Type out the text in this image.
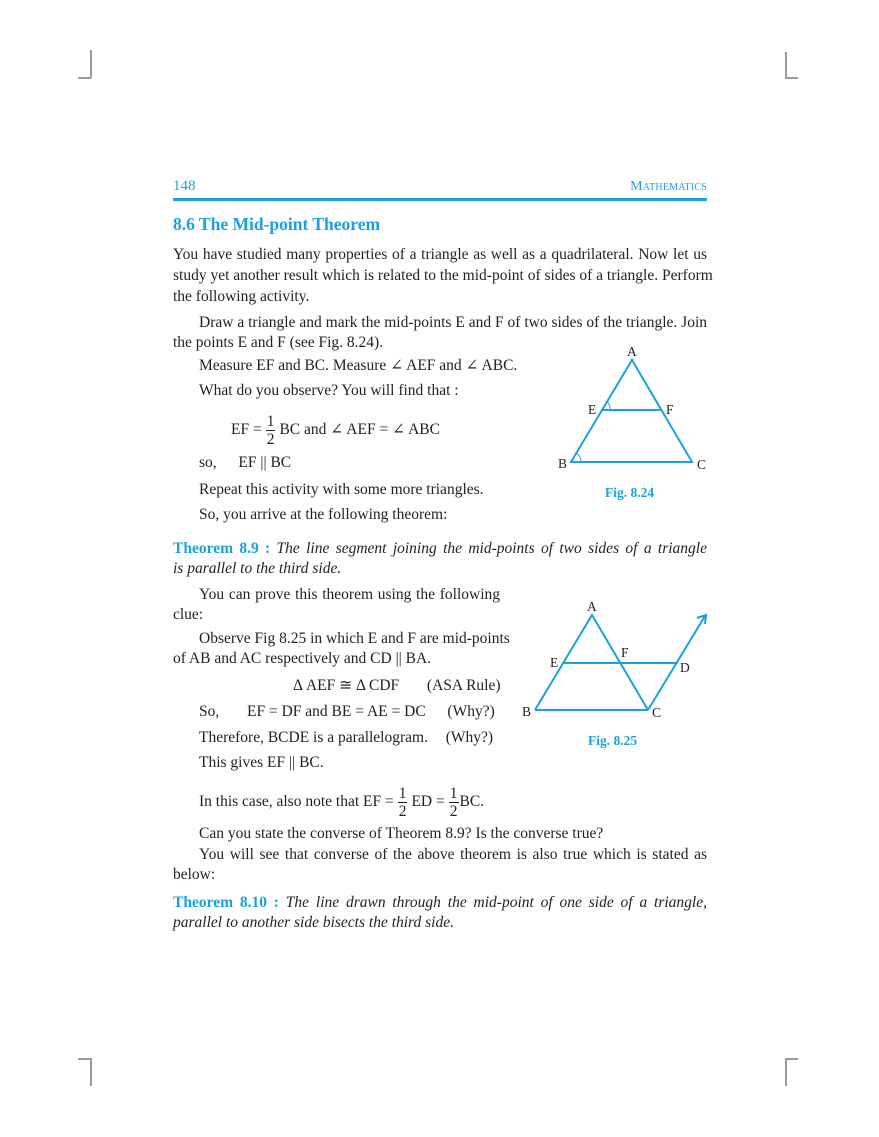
148	Mathematics
8.6 The Mid-point Theorem
You have studied many properties of a triangle as well as a quadrilateral. Now let us
study yet another result which is related to the mid-point of sides of a triangle. Perform
the following activity.
Draw a triangle and mark the mid-points E and F of two sides of the triangle. Join
the points E and F (see Fig. 8.24).
Measure EF and BC. Measure ∠ AEF and ∠ ABC.
What do you observe? You will find that :
EF = $\frac{1}{2}$ BC and ∠ AEF = ∠ ABC
so, EF || BC
Repeat this activity with some more triangles.
So, you arrive at the following theorem:
Theorem 8.9 : The line segment joining the mid-points of two sides of a triangle
is parallel to the third side.
You can prove this theorem using the following
clue:
Observe Fig 8.25 in which E and F are mid-points
of AB and AC respectively and CD || BA.
Δ AEF ≅ Δ CDF (ASA Rule)
So, EF = DF and BE = AE = DC (Why?)
Therefore, BCDE is a parallelogram. (Why?)
This gives EF || BC.
In this case, also note that EF = $\frac{1}{2}$ ED = $\frac{1}{2}$ BC.
Can you state the converse of Theorem 8.9? Is the converse true?
You will see that converse of the above theorem is also true which is stated as
below:
Theorem 8.10 : The line drawn through the mid-point of one side of a triangle,
parallel to another side bisects the third side.
A
E	F
B	C
A
E
F
D
B	C
Fig. 8.24
Fig. 8.25
